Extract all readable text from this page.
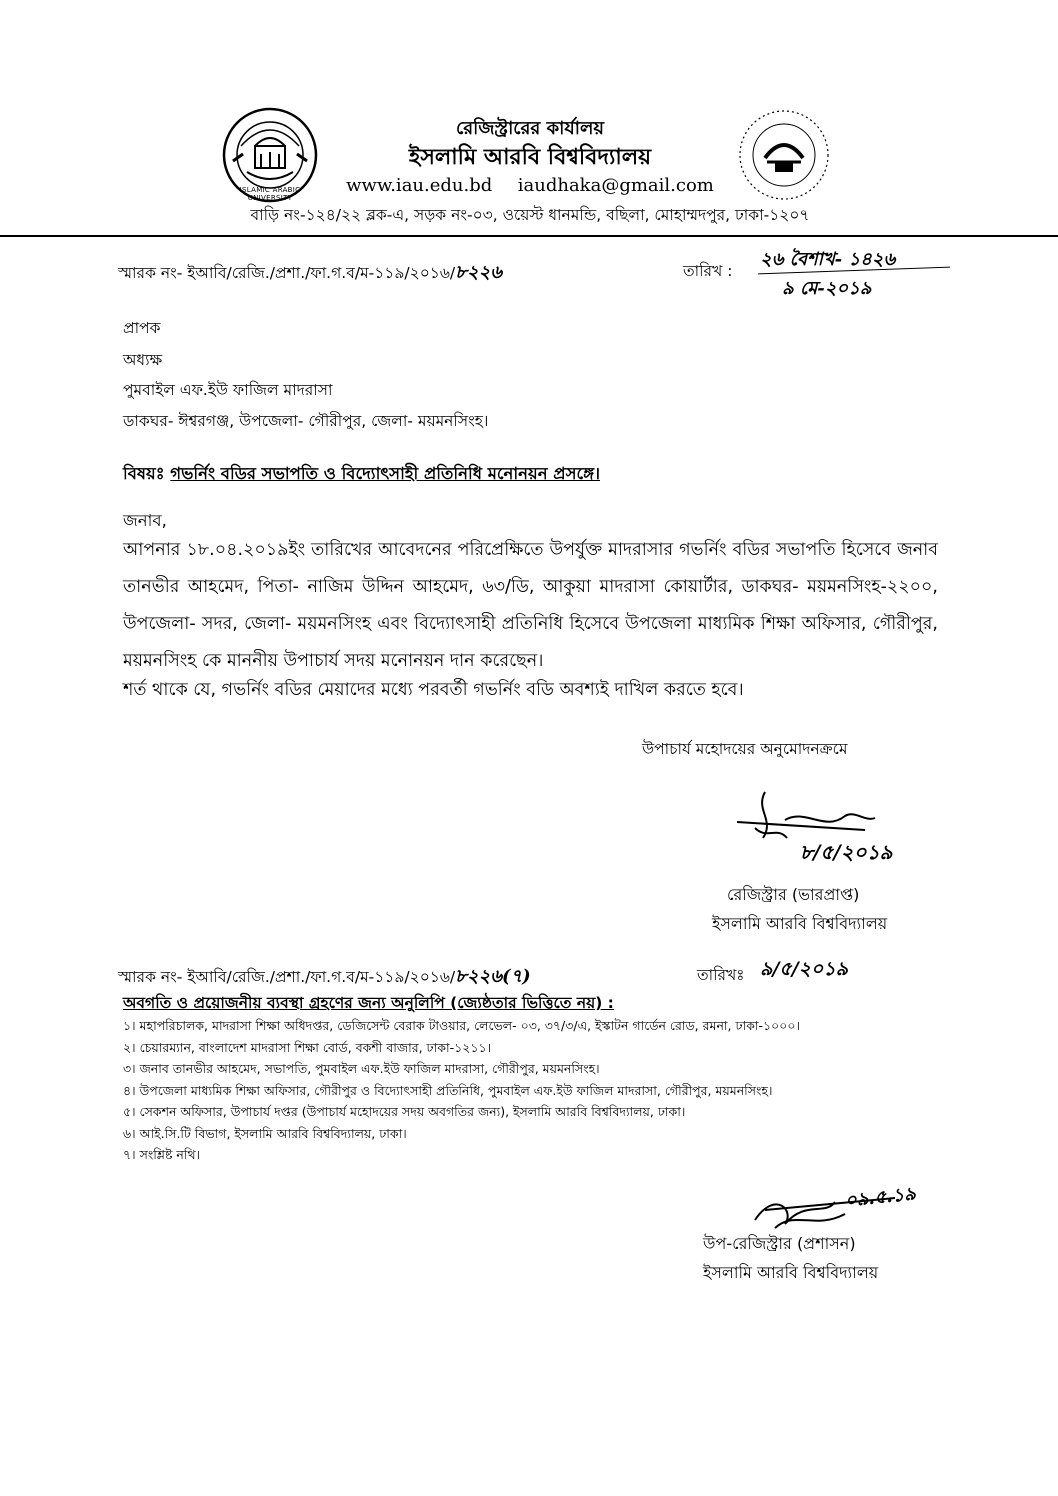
ISLAMIC ARABIC UNIVERSITY
রেজিস্ট্রারের কার্যালয়
ইসলামি আরবি বিশ্ববিদ্যালয়
www.iau.edu.bd iaudhaka@gmail.com
বাড়ি নং-১২৪/২২ ব্লক-এ, সড়ক নং-০৩, ওয়েস্ট ধানমন্ডি, বছিলা, মোহাম্মদপুর, ঢাকা-১২০৭
স্মারক নং- ইআবি/রেজি./প্রশা./ফা.গ.ব/ম-১১৯/২০১৬/৮২২৬	তারিখ :
২৬ বৈশাখ- ১৪২৬
৯ মে-২০১৯
প্রাপক
অধ্যক্ষ
পুমবাইল এফ.ইউ ফাজিল মাদরাসা
ডাকঘর- ঈশ্বরগঞ্জ, উপজেলা- গৌরীপুর, জেলা- ময়মনসিংহ।
বিষয়ঃ গভর্নিং বডির সভাপতি ও বিদ্যোৎসাহী প্রতিনিধি মনোনয়ন প্রসঙ্গে।
জনাব,
আপনার ১৮.০৪.২০১৯ইং তারিখের আবেদনের পরিপ্রেক্ষিতে উপর্যুক্ত মাদরাসার গভর্নিং বডির সভাপতি হিসেবে জনাব তানভীর আহমেদ, পিতা- নাজিম উদ্দিন আহমেদ, ৬৩/ডি, আকুয়া মাদরাসা কোয়ার্টার, ডাকঘর- ময়মনসিংহ-২২০০, উপজেলা- সদর, জেলা- ময়মনসিংহ এবং বিদ্যোৎসাহী প্রতিনিধি হিসেবে উপজেলা মাধ্যমিক শিক্ষা অফিসার, গৌরীপুর, ময়মনসিংহ কে মাননীয় উপাচার্য সদয় মনোনয়ন দান করেছেন।
শর্ত থাকে যে, গভর্নিং বডির মেয়াদের মধ্যে পরবর্তী গভর্নিং বডি অবশ্যই দাখিল করতে হবে।
উপাচার্য মহোদয়ের অনুমোদনক্রমে
৮/৫/২০১৯
রেজিস্ট্রার (ভারপ্রাপ্ত)
ইসলামি আরবি বিশ্ববিদ্যালয়
স্মারক নং- ইআবি/রেজি./প্রশা./ফা.গ.ব/ম-১১৯/২০১৬/৮২২৬(৭)	তারিখঃ ৯/৫/২০১৯
অবগতি ও প্রয়োজনীয় ব্যবস্থা গ্রহণের জন্য অনুলিপি (জ্যেষ্ঠতার ভিত্তিতে নয়) :
১। মহাপরিচালক, মাদরাসা শিক্ষা অধিদপ্তর, ডেজিসেন্ট বেরাক টাওয়ার, লেভেল- ০৩, ৩৭/৩/এ, ইস্কাটন গার্ডেন রোড, রমনা, ঢাকা-১০০০।
২। চেয়ারম্যান, বাংলাদেশ মাদরাসা শিক্ষা বোর্ড, বকশী বাজার, ঢাকা-১২১১।
৩। জনাব তানভীর আহমেদ, সভাপতি, পুমবাইল এফ.ইউ ফাজিল মাদরাসা, গৌরীপুর, ময়মনসিংহ।
৪। উপজেলা মাধ্যমিক শিক্ষা অফিসার, গৌরীপুর ও বিদ্যোৎসাহী প্রতিনিধি, পুমবাইল এফ.ইউ ফাজিল মাদরাসা, গৌরীপুর, ময়মনসিংহ।
৫। সেকশন অফিসার, উপাচার্য দপ্তর (উপাচার্য মহোদয়ের সদয় অবগতির জন্য), ইসলামি আরবি বিশ্ববিদ্যালয়, ঢাকা।
৬। আই.সি.টি বিভাগ, ইসলামি আরবি বিশ্ববিদ্যালয়, ঢাকা।
৭। সংশ্লিষ্ট নথি।
০৯.৫.১৯
উপ-রেজিস্ট্রার (প্রশাসন)
ইসলামি আরবি বিশ্ববিদ্যালয়
